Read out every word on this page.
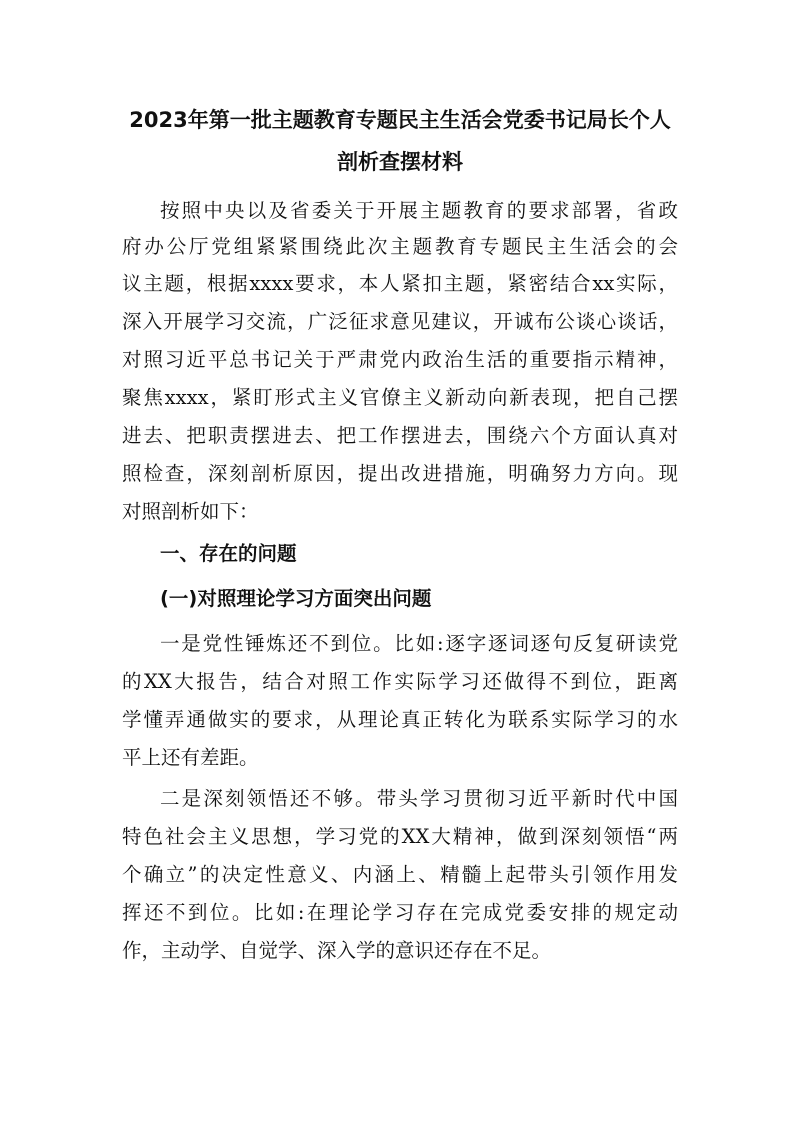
2023年第一批主题教育专题民主生活会党委书记局长个人
剖析查摆材料
按照中央以及省委关于开展主题教育的要求部署，省政
府办公厅党组紧紧围绕此次主题教育专题民主生活会的会
议主题，根据xxxx要求，本人紧扣主题，紧密结合xx实际，
深入开展学习交流，广泛征求意见建议，开诚布公谈心谈话，
对照习近平总书记关于严肃党内政治生活的重要指示精神，
聚焦xxxx，紧盯形式主义官僚主义新动向新表现，把自己摆
进去、把职责摆进去、把工作摆进去，围绕六个方面认真对
照检查，深刻剖析原因，提出改进措施，明确努力方向。现
对照剖析如下：
一、存在的问题
(一)对照理论学习方面突出问题
一是党性锤炼还不到位。比如:逐字逐词逐句反复研读党
的XX大报告，结合对照工作实际学习还做得不到位，距离
学懂弄通做实的要求，从理论真正转化为联系实际学习的水
平上还有差距。
二是深刻领悟还不够。带头学习贯彻习近平新时代中国
特色社会主义思想，学习党的XX大精神，做到深刻领悟“两
个确立”的决定性意义、内涵上、精髓上起带头引领作用发
挥还不到位。比如:在理论学习存在完成党委安排的规定动
作，主动学、自觉学、深入学的意识还存在不足。
